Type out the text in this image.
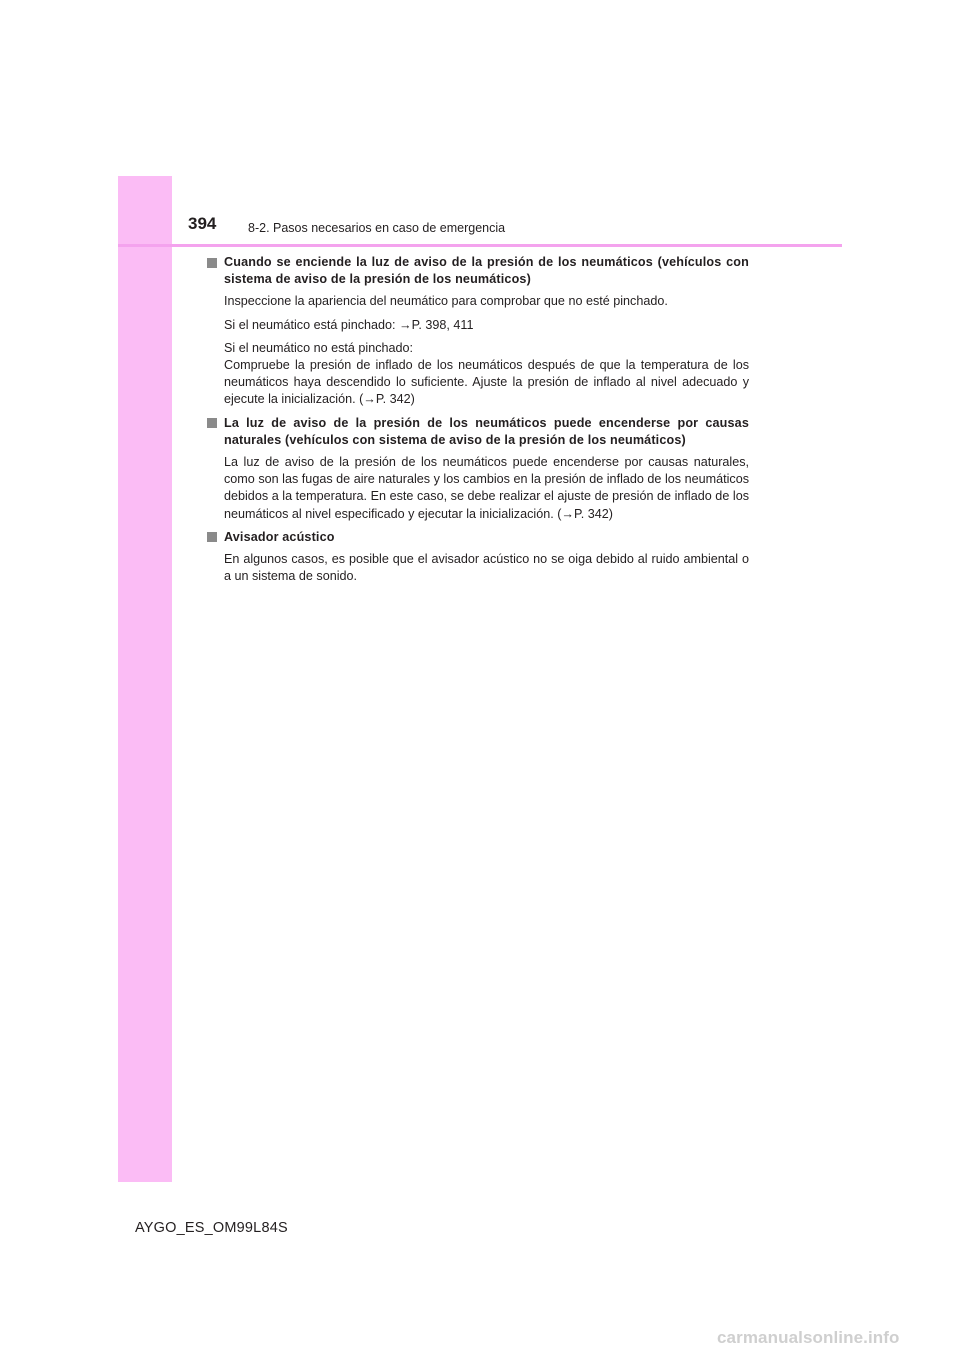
394	8-2. Pasos necesarios en caso de emergencia

Cuando se enciende la luz de aviso de la presión de los neumáticos (vehículos con sistema de aviso de la presión de los neumáticos)

Inspeccione la apariencia del neumático para comprobar que no esté pinchado.

Si el neumático está pinchado: →P. 398, 411

Si el neumático no está pinchado:

Compruebe la presión de inflado de los neumáticos después de que la temperatura de los neumáticos haya descendido lo suficiente. Ajuste la presión de inflado al nivel adecuado y ejecute la inicialización. (→P. 342)

La luz de aviso de la presión de los neumáticos puede encenderse por causas naturales (vehículos con sistema de aviso de la presión de los neumáticos)

La luz de aviso de la presión de los neumáticos puede encenderse por causas naturales, como son las fugas de aire naturales y los cambios en la presión de inflado de los neumáticos debidos a la temperatura. En este caso, se debe realizar el ajuste de presión de inflado de los neumáticos al nivel especificado y ejecutar la inicialización. (→P. 342)

Avisador acústico

En algunos casos, es posible que el avisador acústico no se oiga debido al ruido ambiental o a un sistema de sonido.

AYGO_ES_OM99L84S
carmanualsonline.info
